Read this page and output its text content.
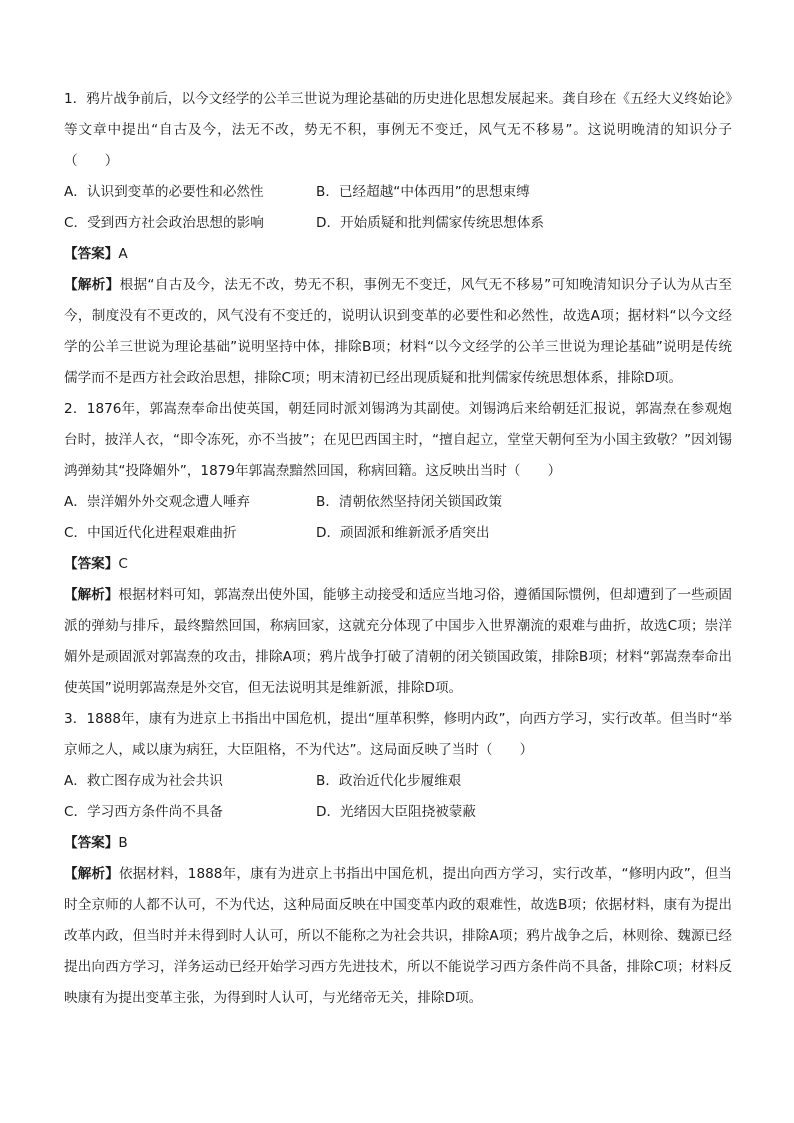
1．鸦片战争前后，以今文经学的公羊三世说为理论基础的历史进化思想发展起来。龚自珍在《五经大义终始论》等文章中提出“自古及今，法无不改，势无不积，事例无不变迁，风气无不移易”。这说明晚清的知识分子（　　）

A．认识到变革的必要性和必然性	B．已经超越“中体西用”的思想束缚
C．受到西方社会政治思想的影响	D．开始质疑和批判儒家传统思想体系

【答案】A

【解析】根据“自古及今，法无不改，势无不积，事例无不变迁，风气无不移易”可知晚清知识分子认为从古至今，制度没有不更改的，风气没有不变迁的，说明认识到变革的必要性和必然性，故选A项；据材料“以今文经学的公羊三世说为理论基础”说明坚持中体，排除B项；材料“以今文经学的公羊三世说为理论基础”说明是传统儒学而不是西方社会政治思想，排除C项；明末清初已经出现质疑和批判儒家传统思想体系，排除D项。

2．1876年，郭嵩焘奉命出使英国，朝廷同时派刘锡鸿为其副使。刘锡鸿后来给朝廷汇报说，郭嵩焘在参观炮台时，披洋人衣，“即令冻死，亦不当披”；在见巴西国主时，“擅自起立，堂堂天朝何至为小国主致敬？”因刘锡鸿弹劾其“投降媚外”，1879年郭嵩焘黯然回国，称病回籍。这反映出当时（　　）

A．崇洋媚外外交观念遭人唾弃	B．清朝依然坚持闭关锁国政策
C．中国近代化进程艰难曲折	D．顽固派和维新派矛盾突出

【答案】C

【解析】根据材料可知，郭嵩焘出使外国，能够主动接受和适应当地习俗，遵循国际惯例，但却遭到了一些顽固派的弹劾与排斥，最终黯然回国，称病回家，这就充分体现了中国步入世界潮流的艰难与曲折，故选C项；崇洋媚外是顽固派对郭嵩焘的攻击，排除A项；鸦片战争打破了清朝的闭关锁国政策，排除B项；材料“郭嵩焘奉命出使英国”说明郭嵩焘是外交官，但无法说明其是维新派，排除D项。

3．1888年，康有为进京上书指出中国危机，提出“厘革积弊，修明内政”，向西方学习，实行改革。但当时“举京师之人，咸以康为病狂，大臣阻格，不为代达”。这局面反映了当时（　　）

A．救亡图存成为社会共识	B．政治近代化步履维艰
C．学习西方条件尚不具备	D．光绪因大臣阻挠被蒙蔽

【答案】B

【解析】依据材料，1888年，康有为进京上书指出中国危机，提出向西方学习，实行改革，“修明内政”，但当时全京师的人都不认可，不为代达，这种局面反映在中国变革内政的艰难性，故选B项；依据材料，康有为提出改革内政，但当时并未得到时人认可，所以不能称之为社会共识，排除A项；鸦片战争之后，林则徐、魏源已经提出向西方学习，洋务运动已经开始学习西方先进技术，所以不能说学习西方条件尚不具备，排除C项；材料反映康有为提出变革主张，为得到时人认可，与光绪帝无关，排除D项。
